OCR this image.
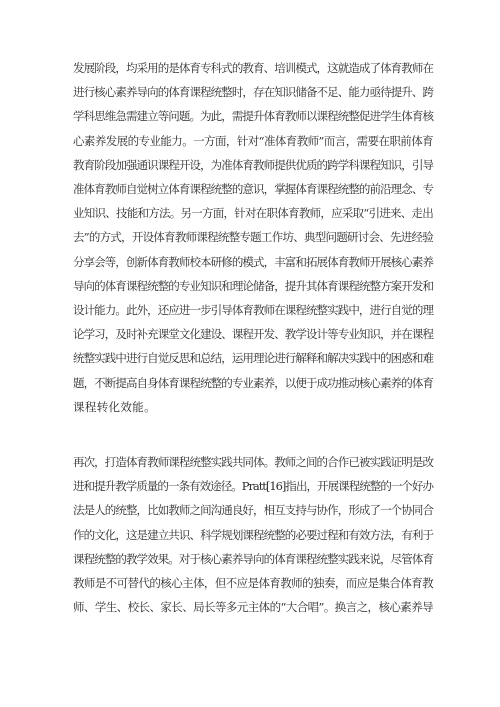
发展阶段，均采用的是体育专科式的教育、培训模式，这就造成了体育教师在
进行核心素养导向的体育课程统整时，存在知识储备不足、能力亟待提升、跨
学科思维急需建立等问题。为此，需提升体育教师以课程统整促进学生体育核
心素养发展的专业能力。一方面，针对“准体育教师”而言，需要在职前体育
教育阶段加强通识课程开设，为准体育教师提供优质的跨学科课程知识，引导
准体育教师自觉树立体育课程统整的意识，掌握体育课程统整的前沿理念、专
业知识、技能和方法。另一方面，针对在职体育教师，应采取“引进来、走出
去”的方式，开设体育教师课程统整专题工作坊、典型问题研讨会、先进经验
分享会等，创新体育教师校本研修的模式，丰富和拓展体育教师开展核心素养
导向的体育课程统整的专业知识和理论储备，提升其体育课程统整方案开发和
设计能力。此外，还应进一步引导体育教师在课程统整实践中，进行自觉的理
论学习，及时补充课堂文化建设、课程开发、教学设计等专业知识，并在课程
统整实践中进行自觉反思和总结，运用理论进行解释和解决实践中的困惑和难
题，不断提高自身体育课程统整的专业素养，以便于成功推动核心素养的体育
课程转化效能。
再次，打造体育教师课程统整实践共同体。教师之间的合作已被实践证明是改
进和提升教学质量的一条有效途径。Pratt[16]指出，开展课程统整的一个好办
法是人的统整，比如教师之间沟通良好，相互支持与协作，形成了一个协同合
作的文化，这是建立共识、科学规划课程统整的必要过程和有效方法，有利于
课程统整的教学效果。对于核心素养导向的体育课程统整实践来说，尽管体育
教师是不可替代的核心主体，但不应是体育教师的独奏，而应是集合体育教
师、学生、校长、家长、局长等多元主体的“大合唱”。换言之，核心素养导
